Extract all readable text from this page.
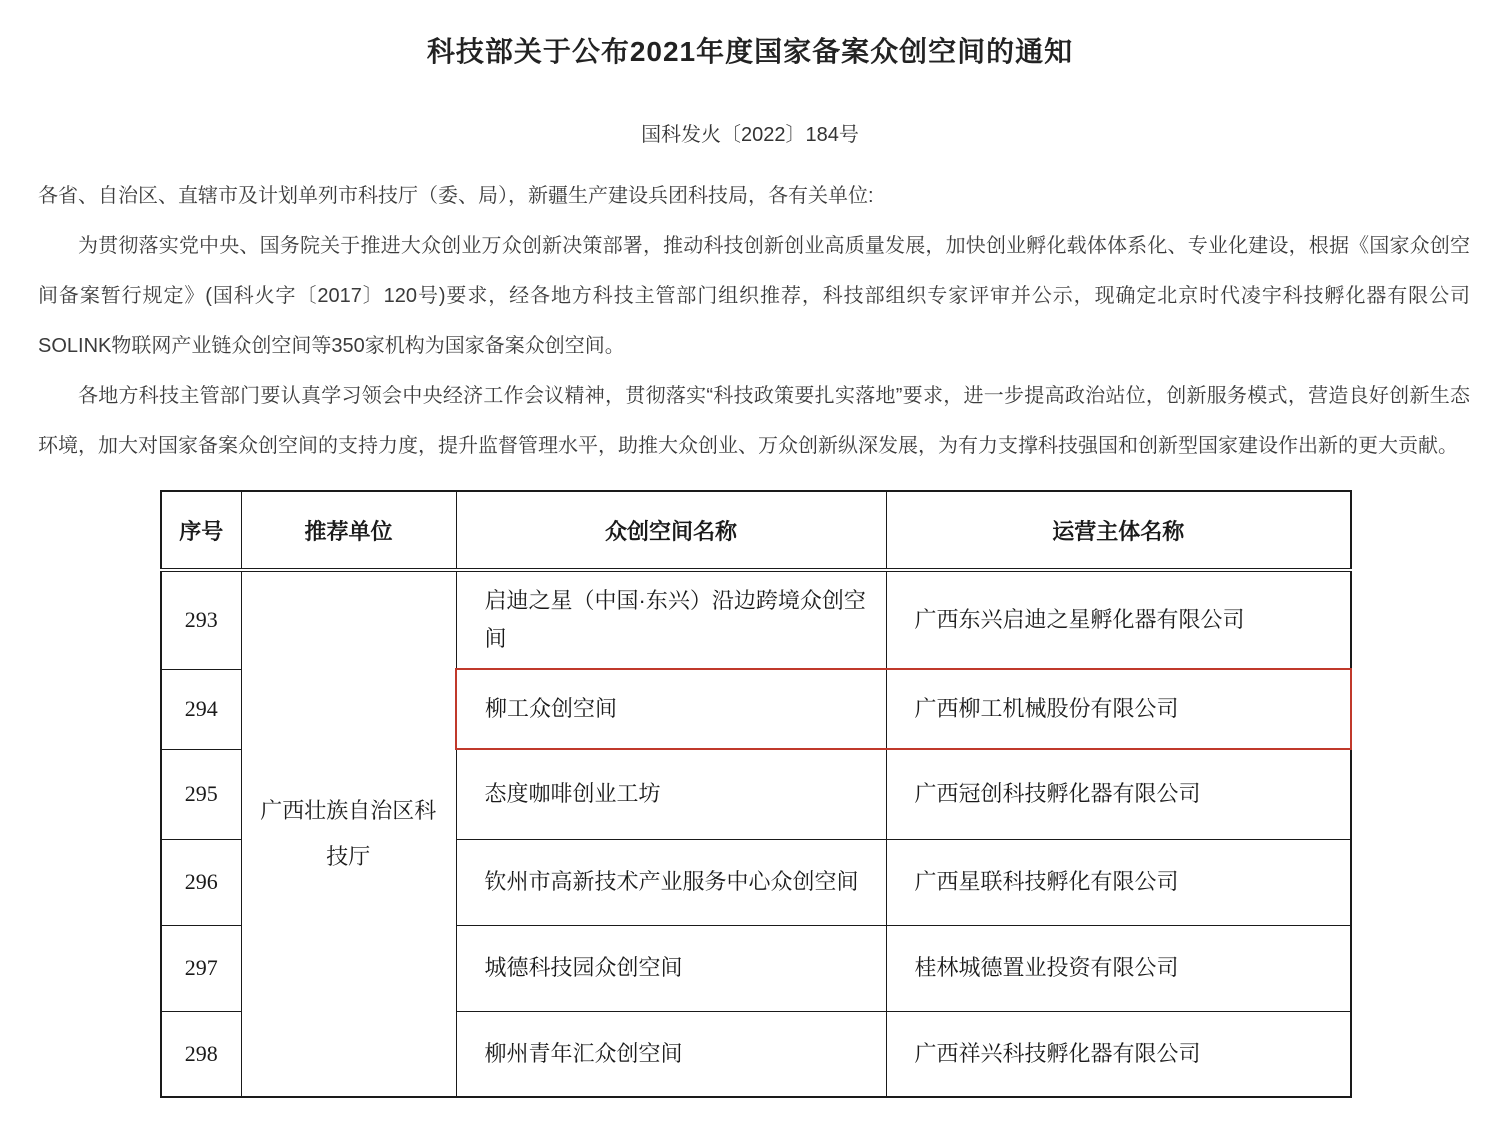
科技部关于公布2021年度国家备案众创空间的通知
国科发火〔2022〕184号

各省、自治区、直辖市及计划单列市科技厅（委、局），新疆生产建设兵团科技局，各有关单位:

为贯彻落实党中央、国务院关于推进大众创业万众创新决策部署，推动科技创新创业高质量发展，加快创业孵化载体体系化、专业化建设，根据《国家众创空间备案暂行规定》(国科火字〔2017〕120号)要求，经各地方科技主管部门组织推荐，科技部组织专家评审并公示，现确定北京时代凌宇科技孵化器有限公司SOLINK物联网产业链众创空间等350家机构为国家备案众创空间。

各地方科技主管部门要认真学习领会中央经济工作会议精神，贯彻落实“科技政策要扎实落地”要求，进一步提高政治站位，创新服务模式，营造良好创新生态环境，加大对国家备案众创空间的支持力度，提升监督管理水平，助推大众创业、万众创新纵深发展，为有力支撑科技强国和创新型国家建设作出新的更大贡献。

序号	推荐单位	众创空间名称	运营主体名称
293	广西壮族自治区科技厅	启迪之星（中国·东兴）沿边跨境众创空间	广西东兴启迪之星孵化器有限公司
294		柳工众创空间	广西柳工机械股份有限公司
295		态度咖啡创业工坊	广西冠创科技孵化器有限公司
296		钦州市高新技术产业服务中心众创空间	广西星联科技孵化有限公司
297		城德科技园众创空间	桂林城德置业投资有限公司
298		柳州青年汇众创空间	广西祥兴科技孵化器有限公司
